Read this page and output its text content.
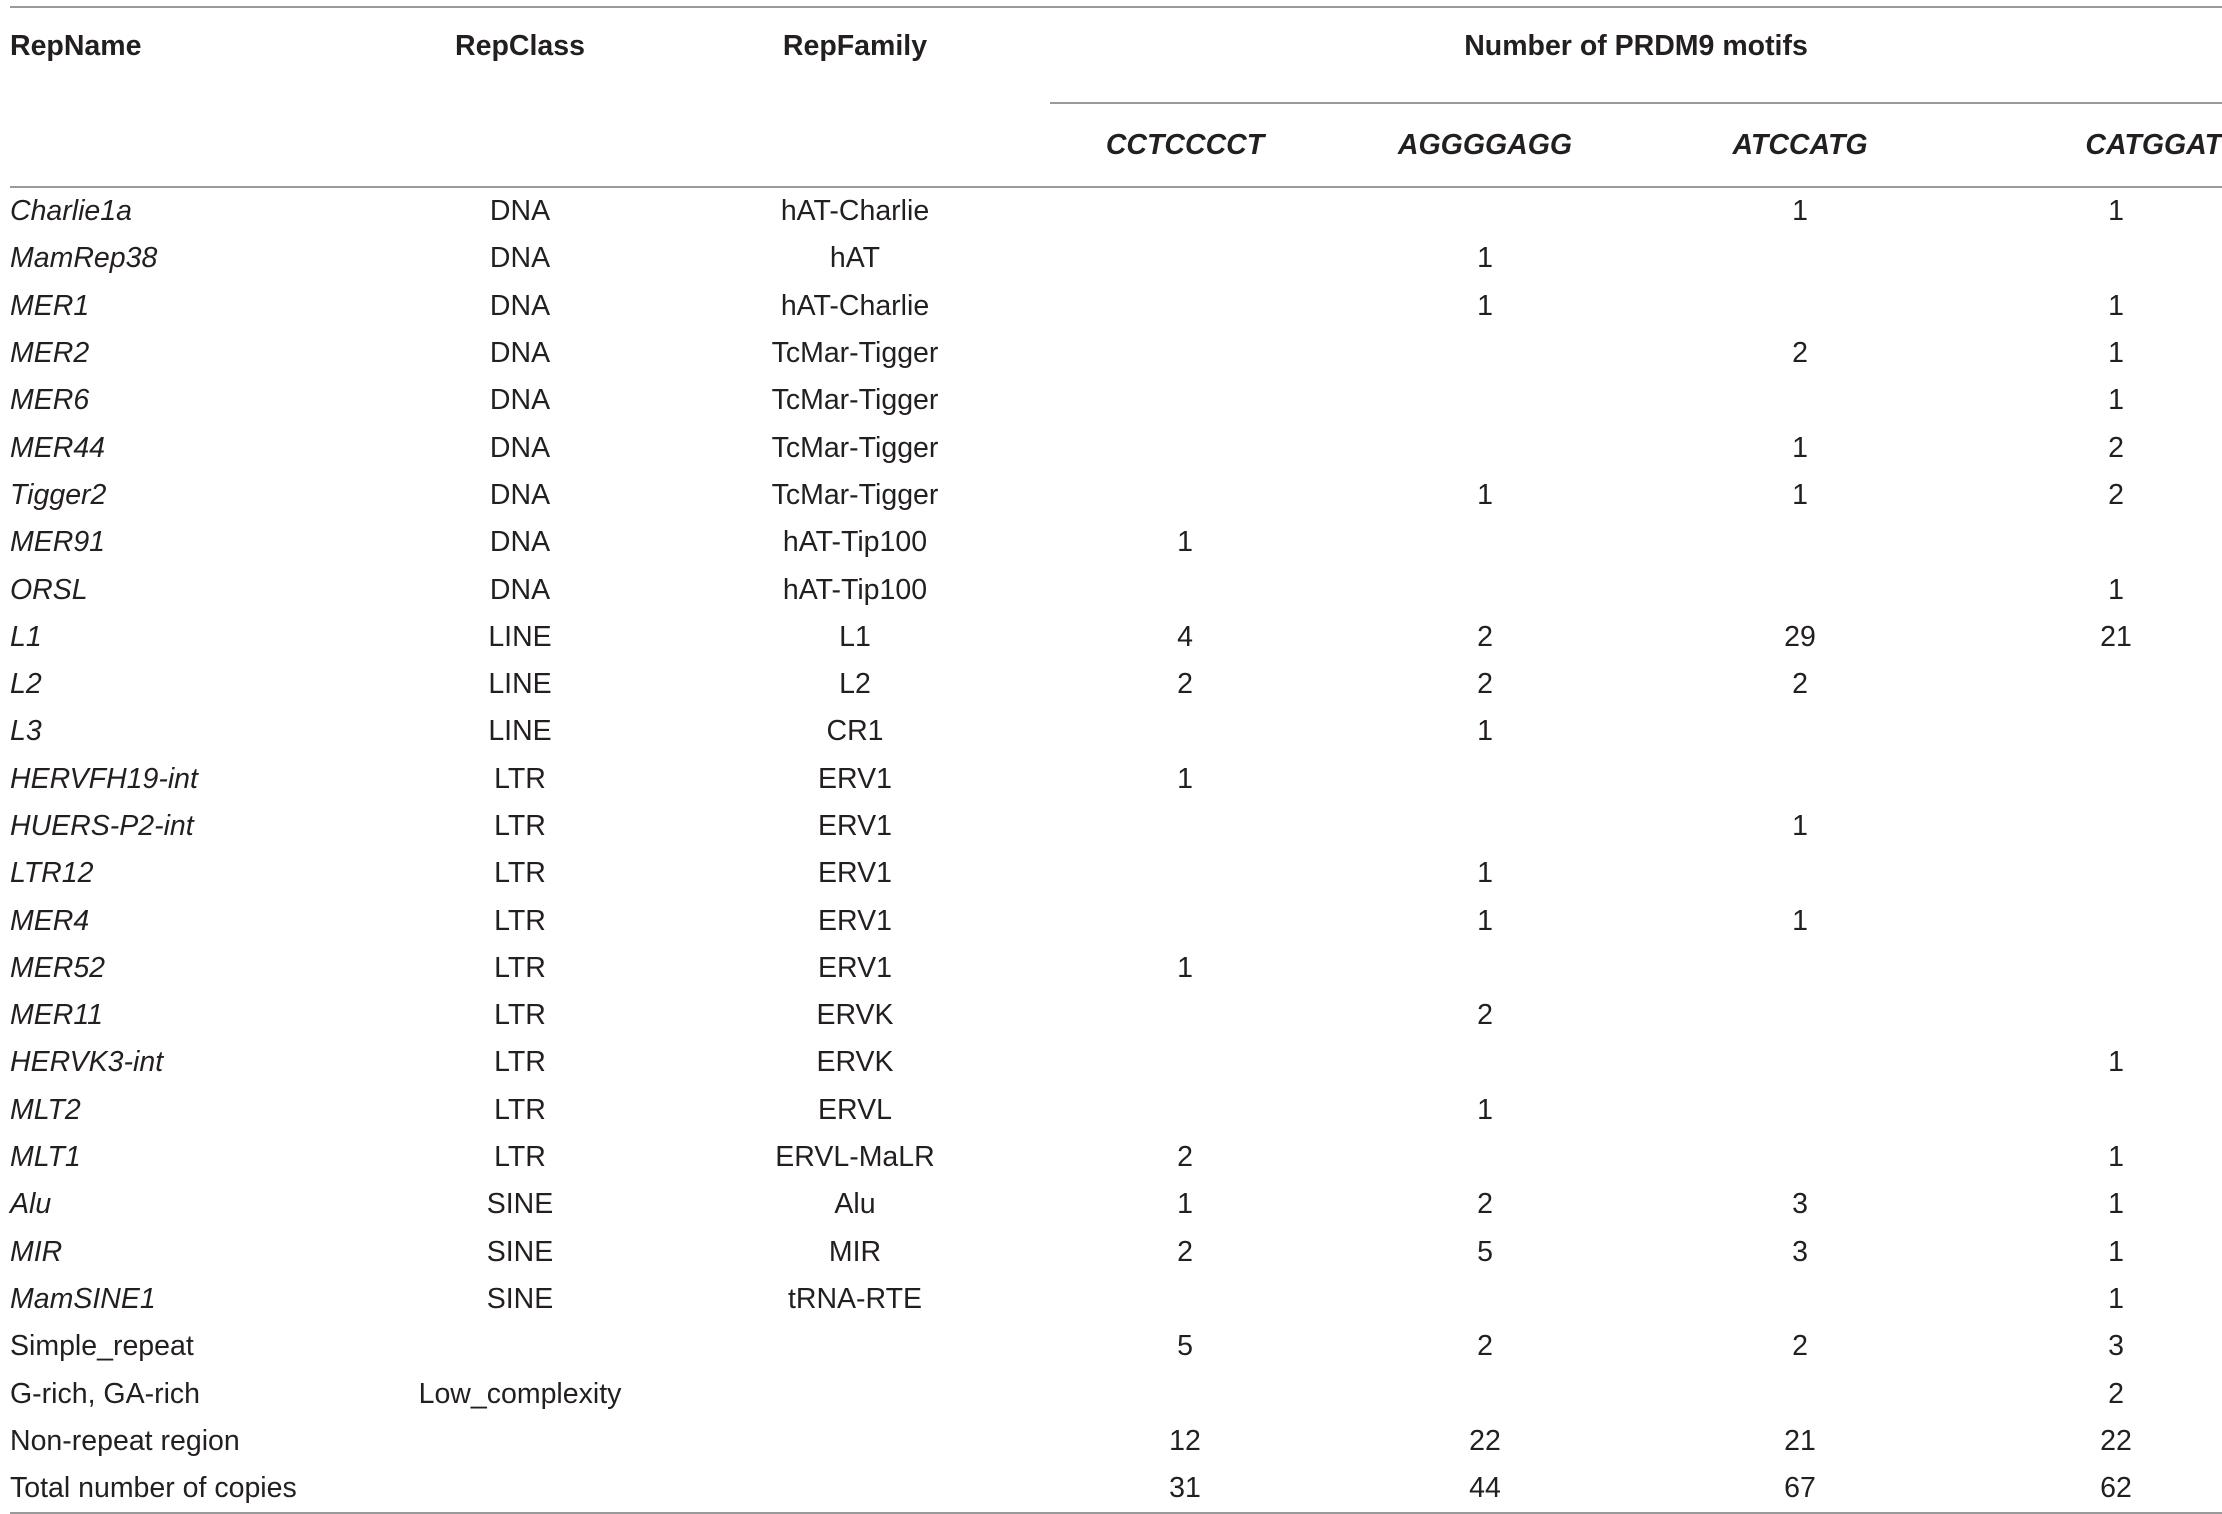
RepName	RepClass	RepFamily	Number of PRDM9 motifs			
			CCTCCCCT	AGGGGAGG	ATCCATG	CATGGAT
Charlie1a	DNA	hAT-Charlie			1	1
MamRep38	DNA	hAT		1		
MER1	DNA	hAT-Charlie		1		1
MER2	DNA	TcMar-Tigger			2	1
MER6	DNA	TcMar-Tigger				1
MER44	DNA	TcMar-Tigger			1	2
Tigger2	DNA	TcMar-Tigger		1	1	2
MER91	DNA	hAT-Tip100	1			
ORSL	DNA	hAT-Tip100				1
L1	LINE	L1	4	2	29	21
L2	LINE	L2	2	2	2	
L3	LINE	CR1		1		
HERVFH19-int	LTR	ERV1	1			
HUERS-P2-int	LTR	ERV1			1	
LTR12	LTR	ERV1		1		
MER4	LTR	ERV1		1	1	
MER52	LTR	ERV1	1			
MER11	LTR	ERVK		2		
HERVK3-int	LTR	ERVK				1
MLT2	LTR	ERVL		1		
MLT1	LTR	ERVL-MaLR	2			1
Alu	SINE	Alu	1	2	3	1
MIR	SINE	MIR	2	5	3	1
MamSINE1	SINE	tRNA-RTE				1
Simple_repeat			5	2	2	3
G-rich, GA-rich	Low_complexity					2
Non-repeat region			12	22	21	22
Total number of copies			31	44	67	62
